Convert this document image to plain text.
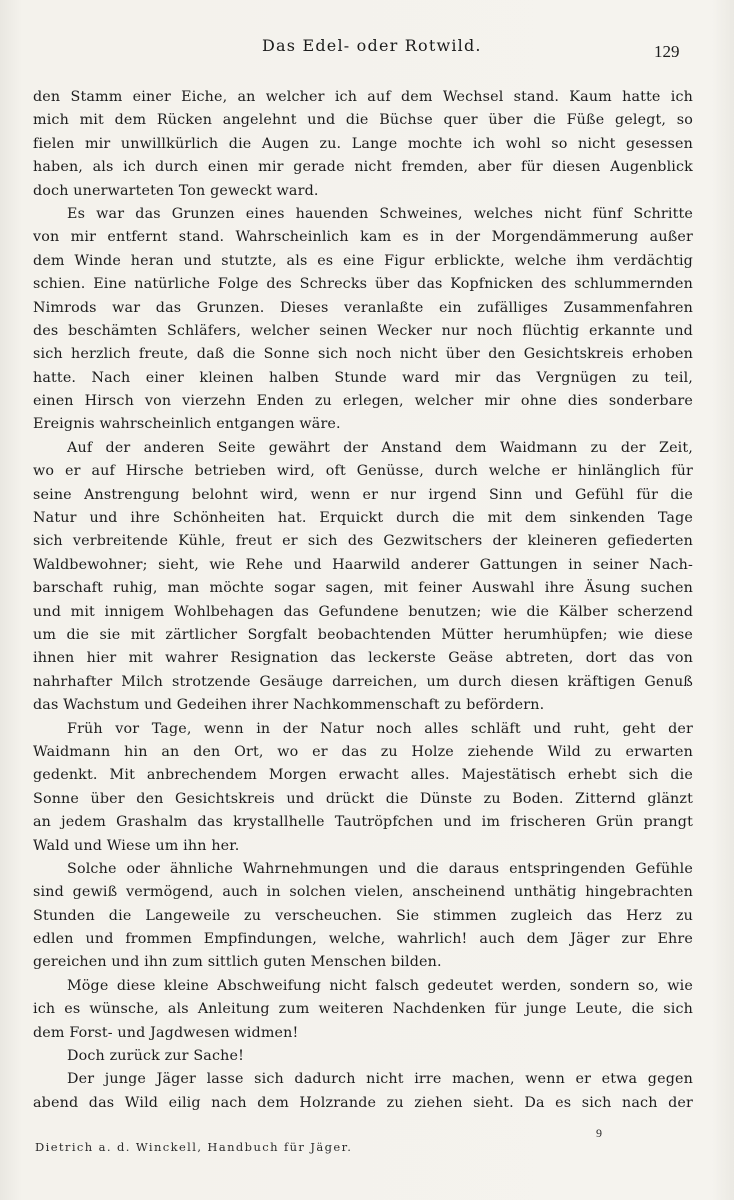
Das Edel- oder Rotwild.	129
den Stamm einer Eiche, an welcher ich auf dem Wechsel stand. Kaum hatte ich
mich mit dem Rücken angelehnt und die Büchse quer über die Füße gelegt, so
fielen mir unwillkürlich die Augen zu. Lange mochte ich wohl so nicht gesessen
haben, als ich durch einen mir gerade nicht fremden, aber für diesen Augenblick
doch unerwarteten Ton geweckt ward.
Es war das Grunzen eines hauenden Schweines, welches nicht fünf Schritte
von mir entfernt stand. Wahrscheinlich kam es in der Morgendämmerung außer
dem Winde heran und stutzte, als es eine Figur erblickte, welche ihm verdächtig
schien. Eine natürliche Folge des Schrecks über das Kopfnicken des schlummernden
Nimrods war das Grunzen. Dieses veranlaßte ein zufälliges Zusammenfahren
des beschämten Schläfers, welcher seinen Wecker nur noch flüchtig erkannte und
sich herzlich freute, daß die Sonne sich noch nicht über den Gesichtskreis erhoben
hatte. Nach einer kleinen halben Stunde ward mir das Vergnügen zu teil,
einen Hirsch von vierzehn Enden zu erlegen, welcher mir ohne dies sonderbare
Ereignis wahrscheinlich entgangen wäre.
Auf der anderen Seite gewährt der Anstand dem Waidmann zu der Zeit,
wo er auf Hirsche betrieben wird, oft Genüsse, durch welche er hinlänglich für
seine Anstrengung belohnt wird, wenn er nur irgend Sinn und Gefühl für die
Natur und ihre Schönheiten hat. Erquickt durch die mit dem sinkenden Tage
sich verbreitende Kühle, freut er sich des Gezwitschers der kleineren gefiederten
Waldbewohner; sieht, wie Rehe und Haarwild anderer Gattungen in seiner Nach-
barschaft ruhig, man möchte sogar sagen, mit feiner Auswahl ihre Äsung suchen
und mit innigem Wohlbehagen das Gefundene benutzen; wie die Kälber scherzend
um die sie mit zärtlicher Sorgfalt beobachtenden Mütter herumhüpfen; wie diese
ihnen hier mit wahrer Resignation das leckerste Geäse abtreten, dort das von
nahrhafter Milch strotzende Gesäuge darreichen, um durch diesen kräftigen Genuß
das Wachstum und Gedeihen ihrer Nachkommenschaft zu befördern.
Früh vor Tage, wenn in der Natur noch alles schläft und ruht, geht der
Waidmann hin an den Ort, wo er das zu Holze ziehende Wild zu erwarten
gedenkt. Mit anbrechendem Morgen erwacht alles. Majestätisch erhebt sich die
Sonne über den Gesichtskreis und drückt die Dünste zu Boden. Zitternd glänzt
an jedem Grashalm das krystallhelle Tautröpfchen und im frischeren Grün prangt
Wald und Wiese um ihn her.
Solche oder ähnliche Wahrnehmungen und die daraus entspringenden Gefühle
sind gewiß vermögend, auch in solchen vielen, anscheinend unthätig hingebrachten
Stunden die Langeweile zu verscheuchen. Sie stimmen zugleich das Herz zu
edlen und frommen Empfindungen, welche, wahrlich! auch dem Jäger zur Ehre
gereichen und ihn zum sittlich guten Menschen bilden.
Möge diese kleine Abschweifung nicht falsch gedeutet werden, sondern so, wie
ich es wünsche, als Anleitung zum weiteren Nachdenken für junge Leute, die sich
dem Forst- und Jagdwesen widmen!
Doch zurück zur Sache!
Der junge Jäger lasse sich dadurch nicht irre machen, wenn er etwa gegen
abend das Wild eilig nach dem Holzrande zu ziehen sieht. Da es sich nach der
Dietrich a. d. Winckell, Handbuch für Jäger.
9
